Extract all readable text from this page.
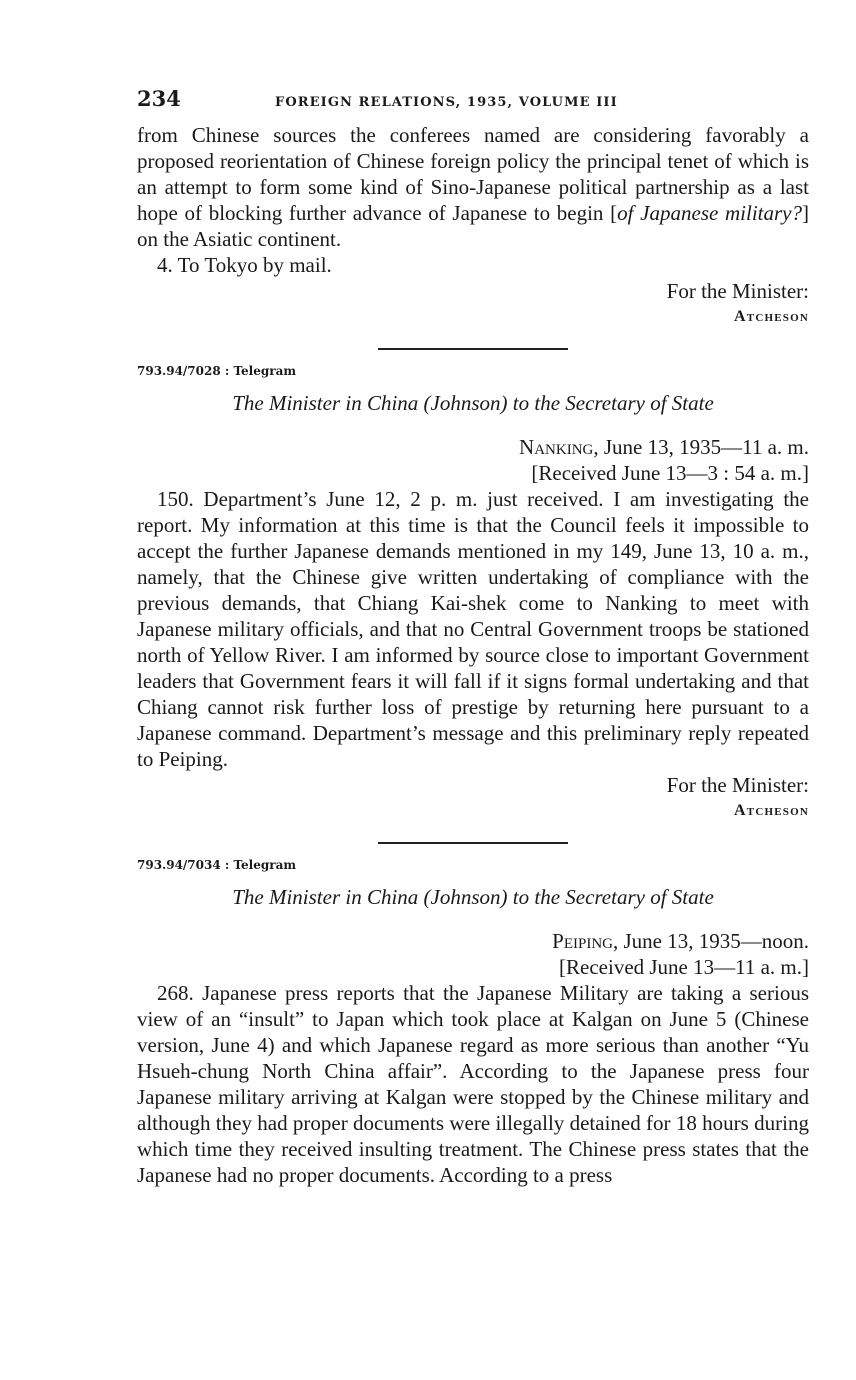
234	FOREIGN RELATIONS, 1935, VOLUME III

from Chinese sources the conferees named are considering favorably a proposed reorientation of Chinese foreign policy the principal tenet of which is an attempt to form some kind of Sino-Japanese political partnership as a last hope of blocking further advance of Japanese to begin [of Japanese military?] on the Asiatic continent.

4. To Tokyo by mail.

For the Minister:

Atcheson

793.94/7028 : Telegram

The Minister in China (Johnson) to the Secretary of State

Nanking, June 13, 1935—11 a. m.

[Received June 13—3 : 54 a. m.]

150. Department’s June 12, 2 p. m. just received. I am investigating the report. My information at this time is that the Council feels it impossible to accept the further Japanese demands mentioned in my 149, June 13, 10 a. m., namely, that the Chinese give written undertaking of compliance with the previous demands, that Chiang Kai-shek come to Nanking to meet with Japanese military officials, and that no Central Government troops be stationed north of Yellow River. I am informed by source close to important Government leaders that Government fears it will fall if it signs formal undertaking and that Chiang cannot risk further loss of prestige by returning here pursuant to a Japanese command. Department’s message and this preliminary reply repeated to Peiping.

For the Minister:

Atcheson

793.94/7034 : Telegram

The Minister in China (Johnson) to the Secretary of State

Peiping, June 13, 1935—noon.

[Received June 13—11 a. m.]

268. Japanese press reports that the Japanese Military are taking a serious view of an “insult” to Japan which took place at Kalgan on June 5 (Chinese version, June 4) and which Japanese regard as more serious than another “Yu Hsueh-chung North China affair”. According to the Japanese press four Japanese military arriving at Kalgan were stopped by the Chinese military and although they had proper documents were illegally detained for 18 hours during which time they received insulting treatment. The Chinese press states that the Japanese had no proper documents. According to a press
